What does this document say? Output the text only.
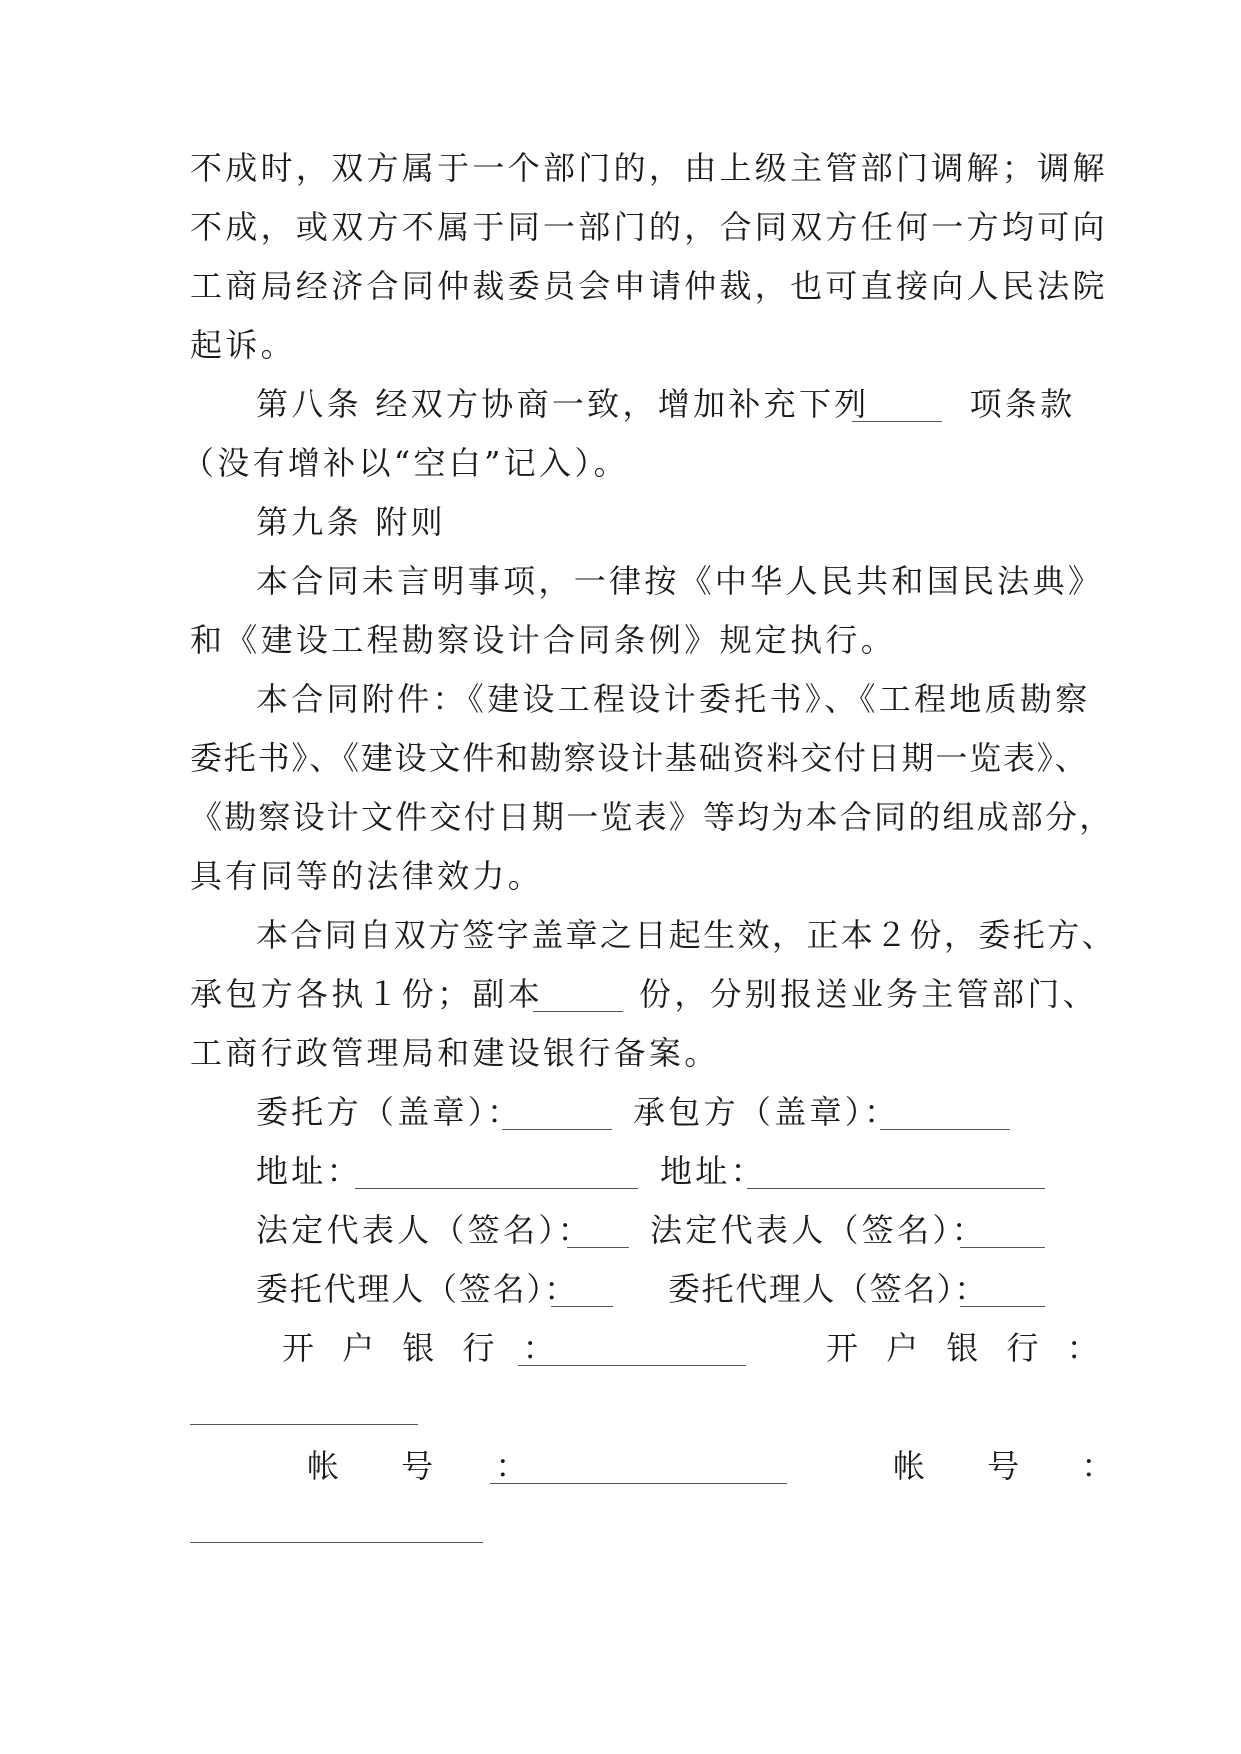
不成时，双方属于一个部门的，由上级主管部门调解；调解
不成，或双方不属于同一部门的，合同双方任何一方均可向
工商局经济合同仲裁委员会申请仲裁，也可直接向人民法院
起诉。
第八条 经双方协商一致，增加补充下列	项条款
（没有增补以“空白”记入）。
第九条 附则
本合同未言明事项，一律按《中华人民共和国民法典》
和《建设工程勘察设计合同条例》规定执行。
本合同附件：《建设工程设计委托书》、《工程地质勘察
委托书》、《建设文件和勘察设计基础资料交付日期一览表》、
《勘察设计文件交付日期一览表》等均为本合同的组成部分，
具有同等的法律效力。
本合同自双方签字盖章之日起生效，正本２份，委托方、
承包方各执１份；副本	份，分别报送业务主管部门、
工商行政管理局和建设银行备案。
委托方（盖章）：	承包方（盖章）：
地址：	地址：
法定代表人（签名）： 法定代表人（签名）：
委托代理人（签名）：	委托代理人（签名）：
开 户 银 行 ：	开 户 银 行 ：
帐 号 ：	帐 号 ：
